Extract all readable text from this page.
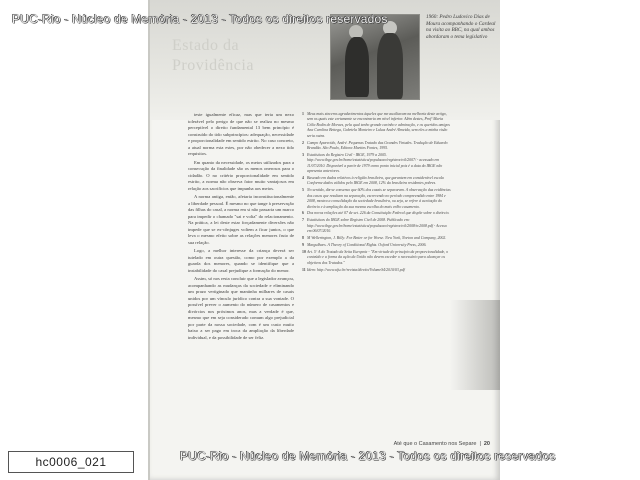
Estado da Providência
1960: Pedro Ludovico Dias de Moura acompanhando o Cardeal na visita ao BBC, na qual ambos abordaram o tema legislativo

teste igualmente eficaz, mas que teria um nexo tolerável pelo perigo de que não se realiza no mesmo perceptível o direito fundamental 13 bem princípio é construído do tido subprincípios: adequação, necessidade e proporcionalidade em sentido estrito. No caso concreto, a atual norma esta estes, por não obedecer a nexo tido requisitos.

Em quanto da necessidade, os meios utilizados para a consecução da finalidade são os menos onerosos para o cidadão. O no critério proporcionalidade em sentido estrito, a norma não observa fator muito vantajosos em relação aos sacrifícios que impunha aos meios.

A norma antiga, então, afetaria inconstitucionalmente a liberdade pessoal. É mesmo no que tange à preservação das filhas do casal, a norma em si não passaria um marco para impedir o chamado "sai e volta" do relacionamento. Na prática, a lei deste estar forçadamente diversões não impede que se ex-cônjuges voltem a ficar juntos, o que leva o mesmo efeito sobre as relações menores fruto de sua relação.

Logo, a melhor interesse da criança deverá ser tutelado em outra questão, como por exemplo a da guarda dos menores, quando se identifique que a instabilidade do casal prejudique a formação do menor.

Assim, só nos resta concluir que a legislador avançou, acompanhando as mudanças da sociedade e eliminando um prazo vertiginado que mantinha milhares de casais unidos por um vínculo jurídico contra a sua vontade. O possível prever o aumento do número de casamentos e divórcios nos próximos anos, mas a verdade é que, mesmo que em seja considerado comum algo prejudicial por parte da nossa sociedade, com é um custo muito baixo a ser pago em troca da ampliação da liberdade individual, e da possibilidade de ser feliz.

1 Meus mais sinceros agradecimentos àqueles que me auxiliaram na melhoria deste artigo, sem os quais este certamente se encontraria em nível inferior. Além destes, Profª Maria Célia Bodin de Moraes, pela qual tenho grande carinho e admiração, e os queridos amigos Ana Carolina Bettega, Gabriela Monteiro e Lukas André Almeida, sem eles a minha visão seria outra.
2 Campo Aparecido, André. Pequenas Tratado das Grandes Virtudes. Tradução de Eduardo Brandão. São Paulo, Editora Martins Fontes, 1995.
3 Estatísticas do Registro Civil - IBGE, 1979 a 2005. http://www.ibge.gov.br/home/estatistica/populacao/registrocivil/2007/ - acessado em 11/07/2010. Disponível a partir de 1979 como ponto inicial pois é a data do IBGE não apresenta anteriores.
4 Baseado em dados relativos à religião brasileira, que garantem em considerável escala Conforme dados válidos pelo IBGE em 2008, 12% da brasileira residentes pobres.
5 No sentido, diz-se consenso que 60% dos casais se separaram. A observação das evidências dos casos que resultam na separação, escrevendo no período compreendido entre 1984 e 2008, mostra a consolidação da sociedade brasileira, ou seja, se refere à aceitação do divórcio e à ampliação da sua mesma escolha do mais velho casamento.
6 Dos novos relações até 07 de set. 226 da Constituição Federal que dispõe sobre o divórcio.
7 Estatísticas do IBGE sobre Registro Civil de 2008. Publicado em: http://www.ibge.gov.br/home/estatistica/populacao/registrocivil/2008/rc2008.pdf - Acesso em 06/07/2010.
8 M Wellerington, J. Billy: For Better or for Worse. New York, Norton and Company, 2002.
9 Margulhaes. A Theory of Conditional Rights. Oxford University Press, 2006.
10 Art. 5º A do Tratado da Seita Europeia - "Em virtude do princípio da proporcionalidade, o conteúdo e a forma da ação da União não devem exceder o necessário para alcançar os objetivos dos Tratados."
11 Idem: http://www.ufsc.br/revista/direito/VolumeS4/2010/03.pdf
Até que o Casamento nos Separe | 20
PUC-Rio - Núcleo de Memória - 2013 - Todos os direitos reservados
PUC-Rio - Núcleo de Memória - 2013 - Todos os direitos reservados
hc0006_021
